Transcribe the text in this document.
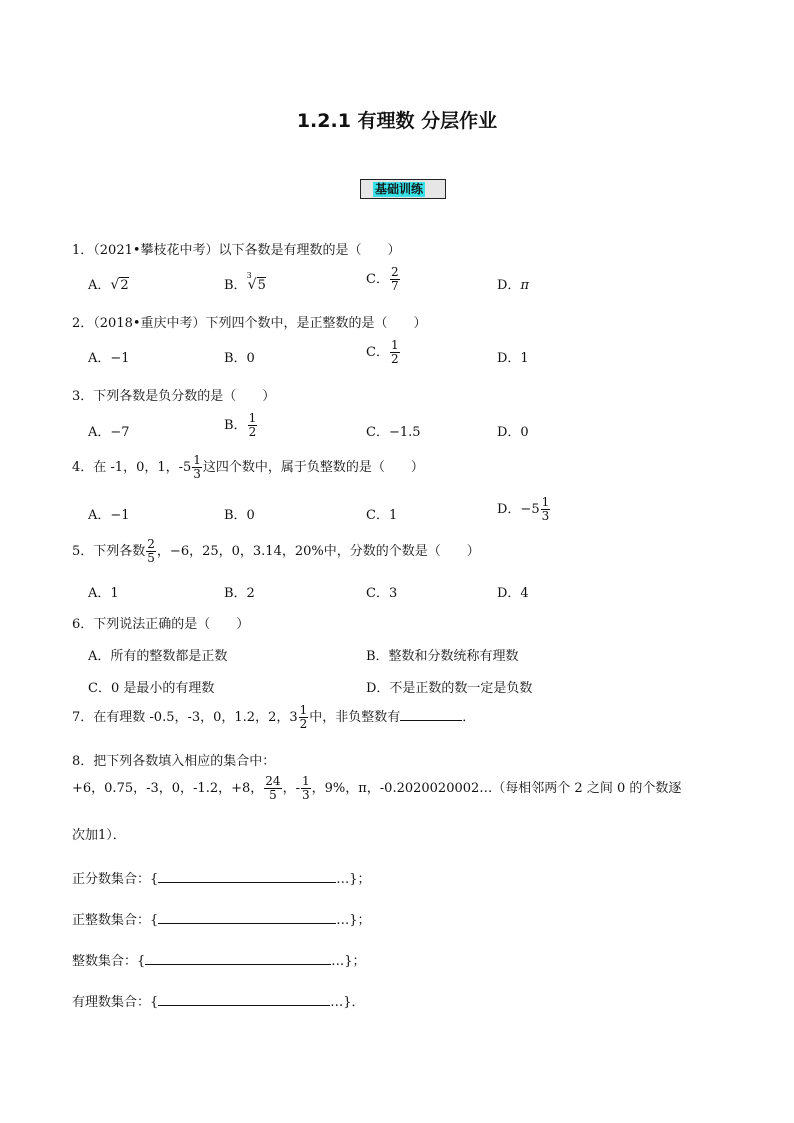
1.2.1 有理数 分层作业
基础训练
1．（2021•攀枝花中考）以下各数是有理数的是（　　）
A．√2	B．$^3$√5	C． $\frac{2}{7}$	D．π
2．（2018•重庆中考）下列四个数中，是正整数的是（　　）
A．−1	B．0	C． $\frac{1}{2}$	D．1
3．下列各数是负分数的是（　　）
A．−7	B． $\frac{1}{2}$	C．−1.5	D．0
4．在 -1，0，1，$-5 \frac{1}{3}$ 这四个数中，属于负整数的是（　　）
A．−1	B．0	C．1	D．$-5 \frac{1}{3}$
5．下列各数 $\frac{2}{5}$ ，−6，25，0，3.14，20%中，分数的个数是（　　）
A．1	B．2	C．3	D．4
6．下列说法正确的是（　　）
A．所有的整数都是正数	B．整数和分数统称有理数
C．0 是最小的有理数	D．不是正数的数一定是负数
7．在有理数 -0.5，-3，0，1.2，2，$3 \frac{1}{2}$ 中，非负整数有	．
8．把下列各数填入相应的集合中：
+6，0.75，-3，0，-1.2，+8， $\frac{24}{5}$ ，- $\frac{1}{3}$ ，9%，π，-0.2020020002…（每相邻两个 2 之间 0 的个数逐
次加1）．
正分数集合：{	…}；
正整数集合：{	…}；
整数集合：{	…}；
有理数集合：{	…}．
